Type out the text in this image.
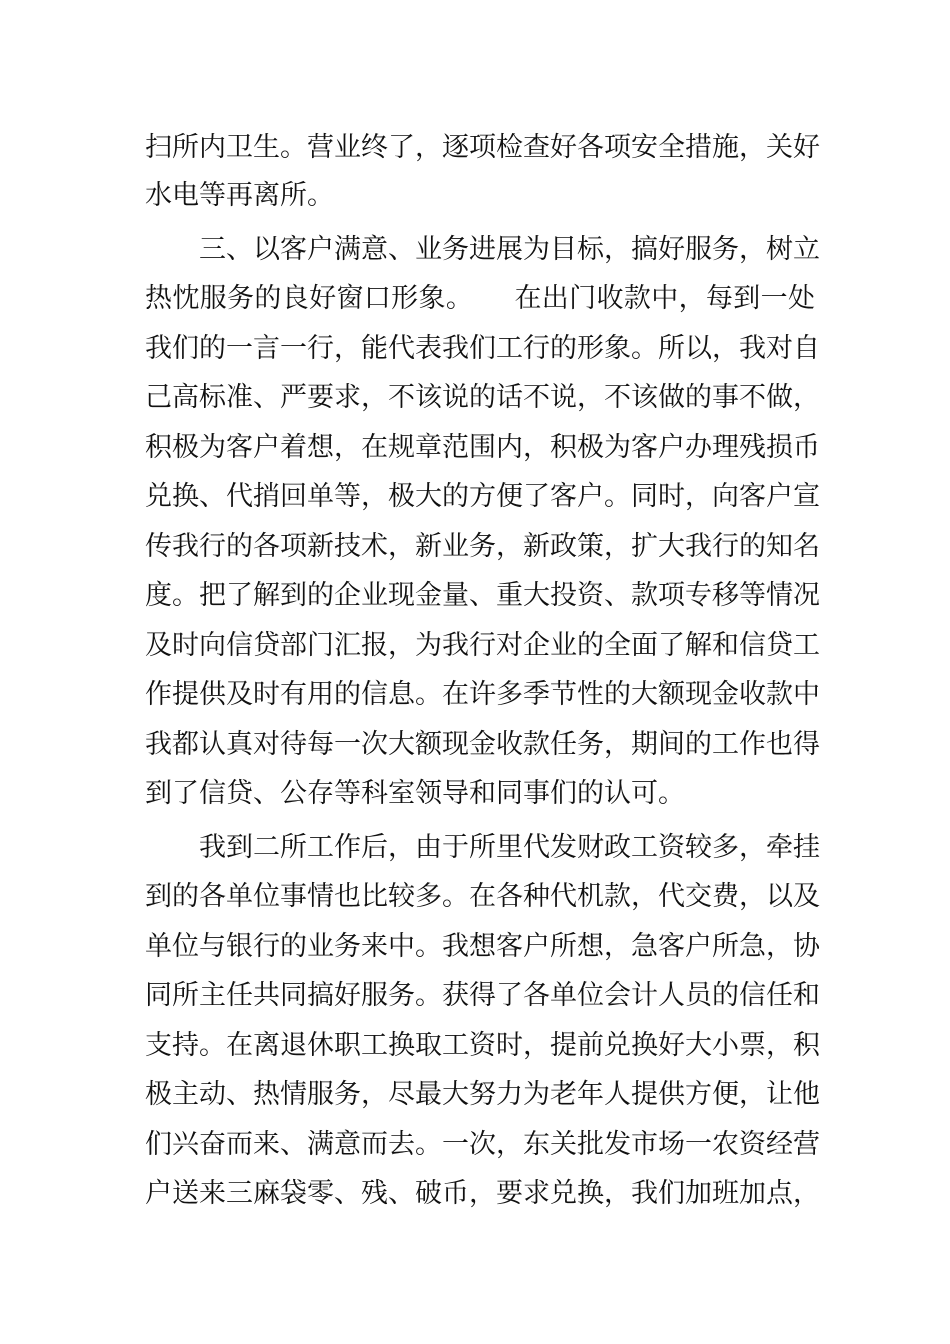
扫所内卫生。营业终了，逐项检查好各项安全措施，关好
水电等再离所。
三、以客户满意、业务进展为目标，搞好服务，树立
热忱服务的良好窗口形象。　　在出门收款中，每到一处
我们的一言一行，能代表我们工行的形象。所以，我对自
己高标准、严要求，不该说的话不说，不该做的事不做，
积极为客户着想，在规章范围内，积极为客户办理残损币
兑换、代捎回单等，极大的方便了客户。同时，向客户宣
传我行的各项新技术，新业务，新政策，扩大我行的知名
度。把了解到的企业现金量、重大投资、款项专移等情况
及时向信贷部门汇报，为我行对企业的全面了解和信贷工
作提供及时有用的信息。在许多季节性的大额现金收款中
我都认真对待每一次大额现金收款任务，期间的工作也得
到了信贷、公存等科室领导和同事们的认可。
我到二所工作后，由于所里代发财政工资较多，牵挂
到的各单位事情也比较多。在各种代机款，代交费，以及
单位与银行的业务来中。我想客户所想，急客户所急，协
同所主任共同搞好服务。获得了各单位会计人员的信任和
支持。在离退休职工换取工资时，提前兑换好大小票，积
极主动、热情服务，尽最大努力为老年人提供方便，让他
们兴奋而来、满意而去。一次，东关批发市场一农资经营
户送来三麻袋零、残、破币，要求兑换，我们加班加点，
